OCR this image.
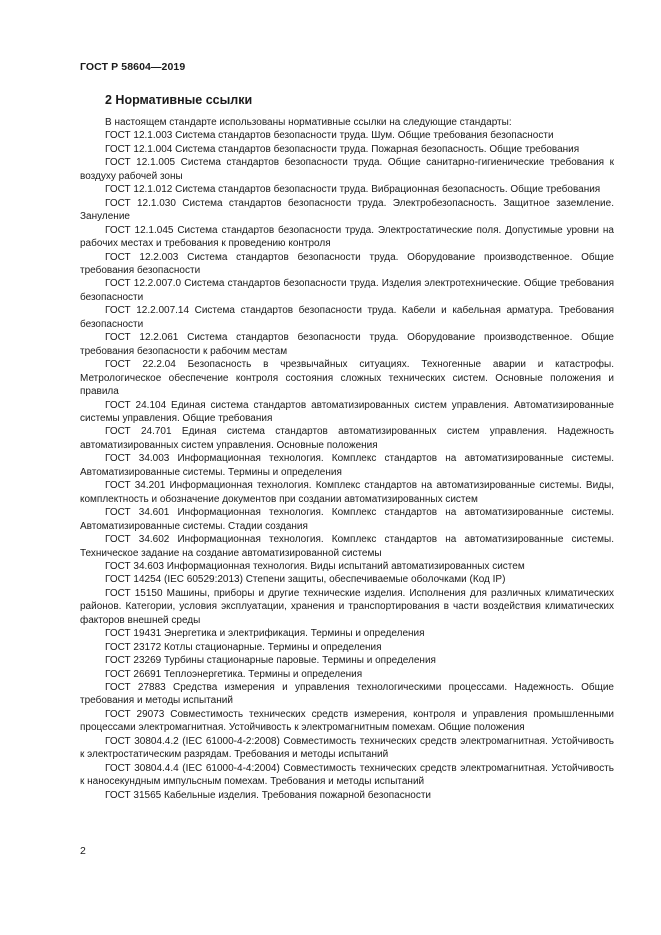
ГОСТ Р 58604—2019
2 Нормативные ссылки

В настоящем стандарте использованы нормативные ссылки на следующие стандарты:

ГОСТ 12.1.003 Система стандартов безопасности труда. Шум. Общие требования безопасности

ГОСТ 12.1.004 Система стандартов безопасности труда. Пожарная безопасность. Общие требования

ГОСТ 12.1.005 Система стандартов безопасности труда. Общие санитарно-гигиенические требования к воздуху рабочей зоны

ГОСТ 12.1.012 Система стандартов безопасности труда. Вибрационная безопасность. Общие требования

ГОСТ 12.1.030 Система стандартов безопасности труда. Электробезопасность. Защитное заземление. Зануление

ГОСТ 12.1.045 Система стандартов безопасности труда. Электростатические поля. Допустимые уровни на рабочих местах и требования к проведению контроля

ГОСТ 12.2.003 Система стандартов безопасности труда. Оборудование производственное. Общие требования безопасности

ГОСТ 12.2.007.0 Система стандартов безопасности труда. Изделия электротехнические. Общие требования безопасности

ГОСТ 12.2.007.14 Система стандартов безопасности труда. Кабели и кабельная арматура. Требования безопасности

ГОСТ 12.2.061 Система стандартов безопасности труда. Оборудование производственное. Общие требования безопасности к рабочим местам

ГОСТ 22.2.04 Безопасность в чрезвычайных ситуациях. Техногенные аварии и катастрофы. Метрологическое обеспечение контроля состояния сложных технических систем. Основные положения и правила

ГОСТ 24.104 Единая система стандартов автоматизированных систем управления. Автоматизированные системы управления. Общие требования

ГОСТ 24.701 Единая система стандартов автоматизированных систем управления. Надежность автоматизированных систем управления. Основные положения

ГОСТ 34.003 Информационная технология. Комплекс стандартов на автоматизированные системы. Автоматизированные системы. Термины и определения

ГОСТ 34.201 Информационная технология. Комплекс стандартов на автоматизированные системы. Виды, комплектность и обозначение документов при создании автоматизированных систем

ГОСТ 34.601 Информационная технология. Комплекс стандартов на автоматизированные системы. Автоматизированные системы. Стадии создания

ГОСТ 34.602 Информационная технология. Комплекс стандартов на автоматизированные системы. Техническое задание на создание автоматизированной системы

ГОСТ 34.603 Информационная технология. Виды испытаний автоматизированных систем

ГОСТ 14254 (IEC 60529:2013) Степени защиты, обеспечиваемые оболочками (Код IP)

ГОСТ 15150 Машины, приборы и другие технические изделия. Исполнения для различных климатических районов. Категории, условия эксплуатации, хранения и транспортирования в части воздействия климатических факторов внешней среды

ГОСТ 19431 Энергетика и электрификация. Термины и определения

ГОСТ 23172 Котлы стационарные. Термины и определения

ГОСТ 23269 Турбины стационарные паровые. Термины и определения

ГОСТ 26691 Теплоэнергетика. Термины и определения

ГОСТ 27883 Средства измерения и управления технологическими процессами. Надежность. Общие требования и методы испытаний

ГОСТ 29073 Совместимость технических средств измерения, контроля и управления промышленными процессами электромагнитная. Устойчивость к электромагнитным помехам. Общие положения

ГОСТ 30804.4.2 (IEC 61000-4-2:2008) Совместимость технических средств электромагнитная. Устойчивость к электростатическим разрядам. Требования и методы испытаний

ГОСТ 30804.4.4 (IEC 61000-4-4:2004) Совместимость технических средств электромагнитная. Устойчивость к наносекундным импульсным помехам. Требования и методы испытаний

ГОСТ 31565 Кабельные изделия. Требования пожарной безопасности

2
